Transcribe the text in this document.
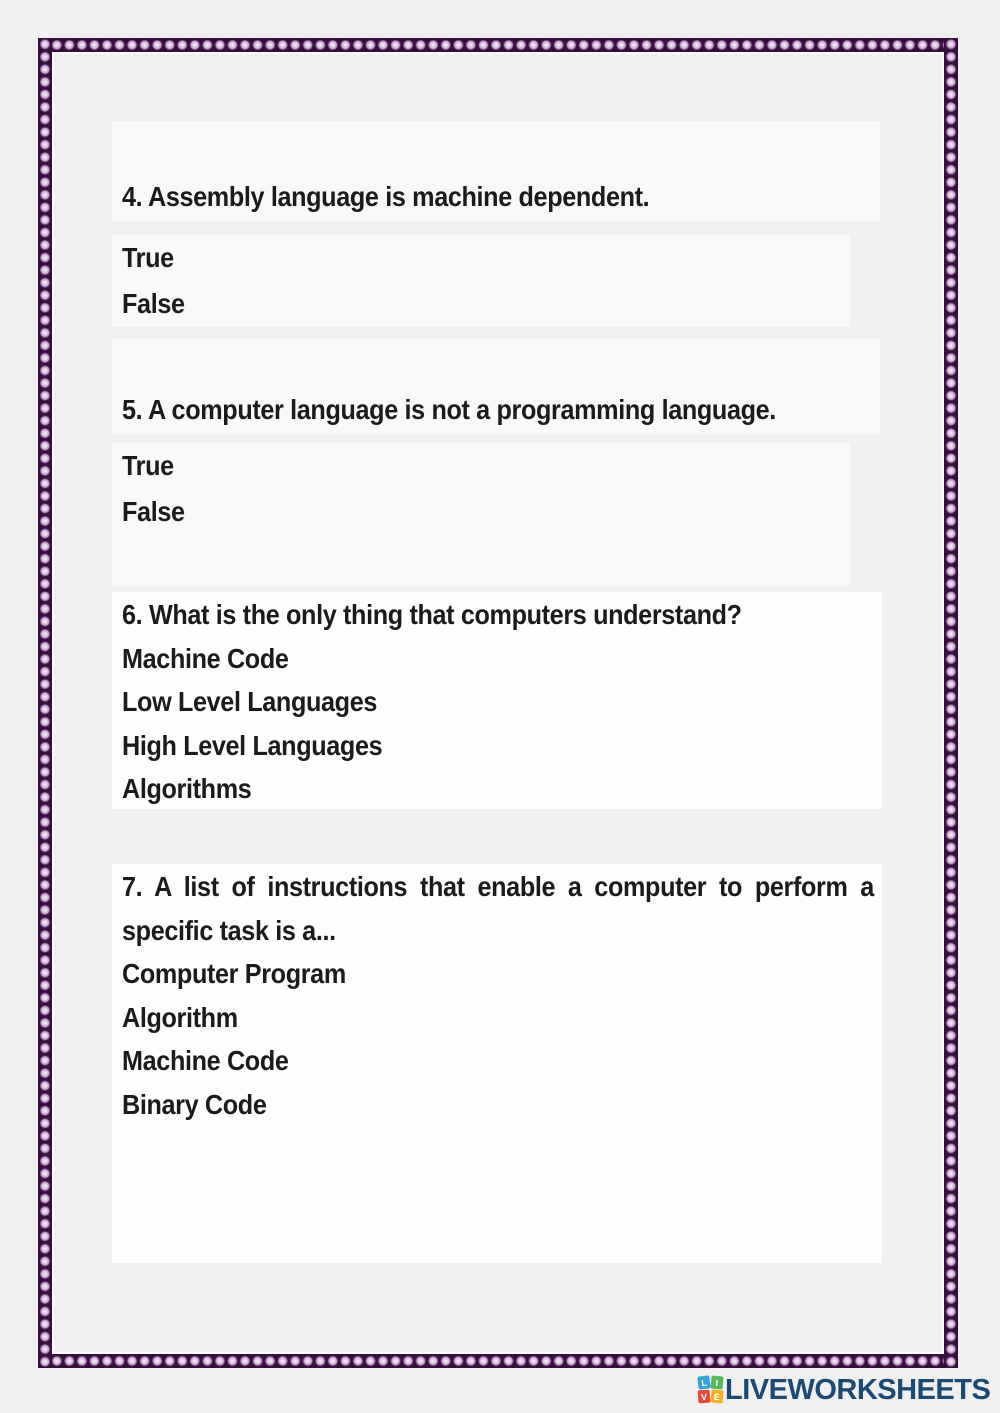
4. Assembly language is machine dependent.
True
False
5. A computer language is not a programming language.
True
False
6. What is the only thing that computers understand?
Machine Code
Low Level Languages
High Level Languages
Algorithms
7. A list of instructions that enable a computer to perform a
specific task is a...
Computer Program
Algorithm
Machine Code
Binary Code
L I
V E LIVEWORKSHEETS
